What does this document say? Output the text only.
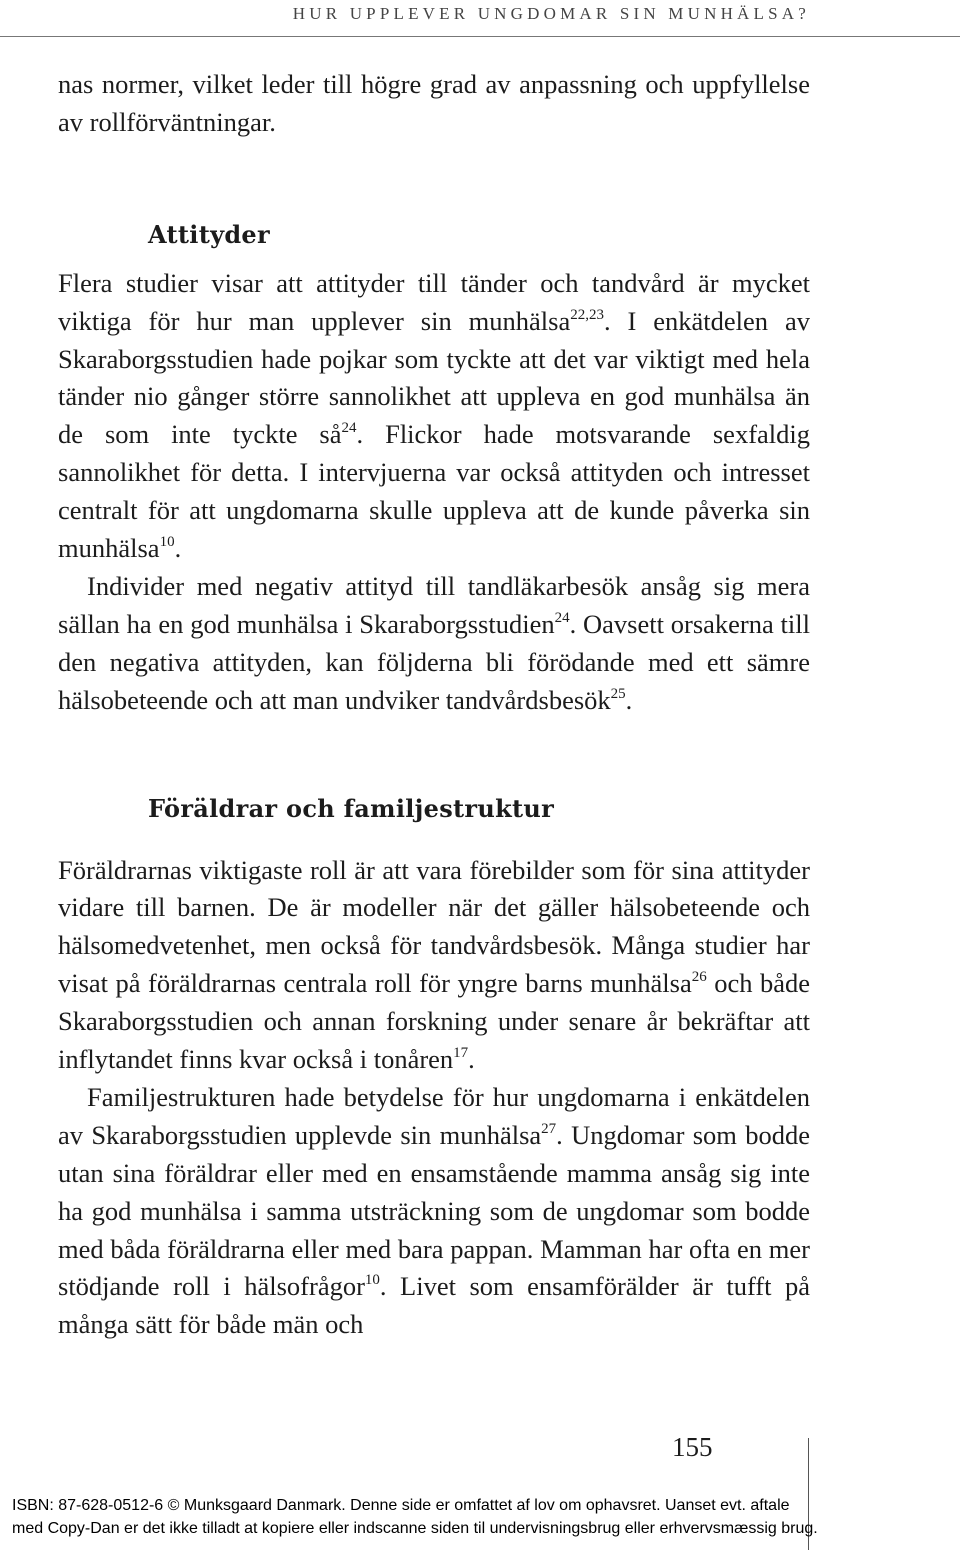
HUR UPPLEVER UNGDOMAR SIN MUNHÄLSA?

nas normer, vilket leder till högre grad av anpassning och uppfyllelse av rollförväntningar.

Attityder

Flera studier visar att attityder till tänder och tandvård är mycket viktiga för hur man upplever sin munhälsa$^{22,23}$. I enkätdelen av Skaraborgsstudien hade pojkar som tyckte att det var viktigt med hela tänder nio gånger större sannolikhet att uppleva en god munhälsa än de som inte tyckte $så^{24}$. Flickor hade motsvarande sexfaldig sannolikhet för detta. I intervjuerna var också attityden och intresset centralt för att ungdomarna skulle uppleva att de kunde påverka sin munhälsa$^{10}$.

Individer med negativ attityd till tandläkarbesök ansåg sig mera sällan ha en god munhälsa i Skaraborgsstudien$^{24}$. Oavsett orsakerna till den negativa attityden, kan följderna bli förödande med ett sämre hälsobeteende och att man undviker tandvårdsbesök$^{25}$.

Föräldrar och familjestruktur

Föräldrarnas viktigaste roll är att vara förebilder som för sina attityder vidare till barnen. De är modeller när det gäller hälsobeteende och hälsomedvetenhet, men också för tandvårdsbesök. Många studier har visat på föräldrarnas centrala roll för yngre barns munhälsa$^{26}$ och både Skaraborgsstudien och annan forskning under senare år bekräftar att inflytandet finns kvar också i tonåren$^{17}$.

Familjestrukturen hade betydelse för hur ungdomarna i enkätdelen av Skaraborgsstudien upplevde sin munhälsa$^{27}$. Ungdomar som bodde utan sina föräldrar eller med en ensamstående mamma ansåg sig inte ha god munhälsa i samma utsträckning som de ungdomar som bodde med båda föräldrarna eller med bara pappan. Mamman har ofta en mer stödjande roll i hälsofrågor$^{10}$. Livet som ensamförälder är tufft på många sätt för både män och

155
ISBN: 87-628-0512-6 © Munksgaard Danmark. Denne side er omfattet af lov om ophavsret. Uanset evt. aftale
med Copy-Dan er det ikke tilladt at kopiere eller indscanne siden til undervisningsbrug eller erhvervsmæssig brug.
